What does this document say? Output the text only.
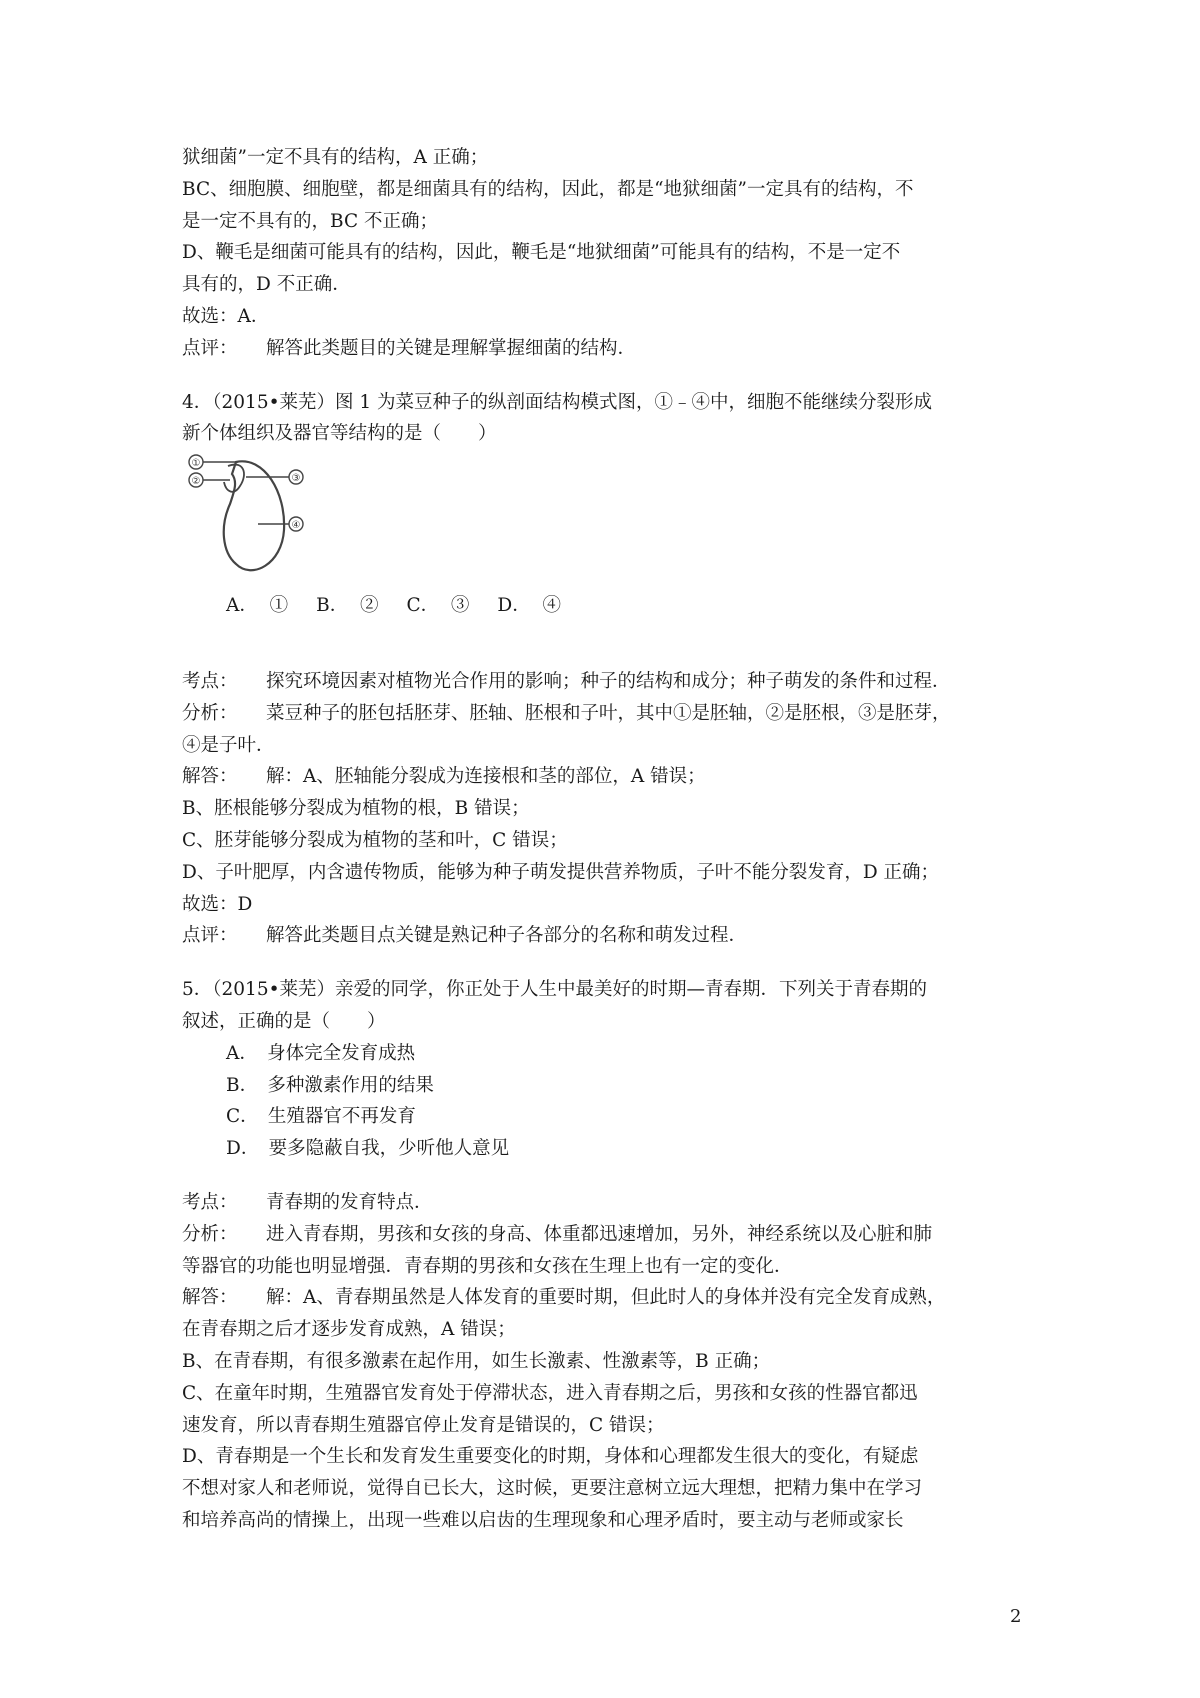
狱细菌”一定不具有的结构，A 正确；
BC、细胞膜、细胞壁，都是细菌具有的结构，因此，都是“地狱细菌”一定具有的结构，不
是一定不具有的，BC 不正确；
D、鞭毛是细菌可能具有的结构，因此，鞭毛是“地狱细菌”可能具有的结构，不是一定不
具有的，D 不正确．
故选：A．
点评： 解答此类题目的关键是理解掌握细菌的结构．
4．（2015•莱芜）图 1 为菜豆种子的纵剖面结构模式图，①﹣④中，细胞不能继续分裂形成
新个体组织及器官等结构的是（　　）
①
②	③
④
A．  ① B．  ② C．  ③ D．  ④
考点： 探究环境因素对植物光合作用的影响；种子的结构和成分；种子萌发的条件和过程．
分析： 菜豆种子的胚包括胚芽、胚轴、胚根和子叶，其中①是胚轴，②是胚根，③是胚芽，
④是子叶．
解答： 解：A、胚轴能分裂成为连接根和茎的部位，A 错误；
B、胚根能够分裂成为植物的根，B 错误；
C、胚芽能够分裂成为植物的茎和叶，C 错误；
D、子叶肥厚，内含遗传物质，能够为种子萌发提供营养物质，子叶不能分裂发育，D 正确；
故选：D
点评： 解答此类题目点关键是熟记种子各部分的名称和萌发过程．
5．（2015•莱芜）亲爱的同学，你正处于人生中最美好的时期—青春期．下列关于青春期的
叙述，正确的是（　　）
A．　身体完全发育成热
B．　多种激素作用的结果
C．　生殖器官不再发育
D．　要多隐蔽自我，少听他人意见
考点： 青春期的发育特点．
分析： 进入青春期，男孩和女孩的身高、体重都迅速增加，另外，神经系统以及心脏和肺
等器官的功能也明显增强．青春期的男孩和女孩在生理上也有一定的变化．
解答： 解：A、青春期虽然是人体发育的重要时期，但此时人的身体并没有完全发育成熟，
在青春期之后才逐步发育成熟，A 错误；
B、在青春期，有很多激素在起作用，如生长激素、性激素等，B 正确；
C、在童年时期，生殖器官发育处于停滞状态，进入青春期之后，男孩和女孩的性器官都迅
速发育，所以青春期生殖器官停止发育是错误的，C 错误；
D、青春期是一个生长和发育发生重要变化的时期，身体和心理都发生很大的变化，有疑虑
不想对家人和老师说，觉得自已长大，这时候，更要注意树立远大理想，把精力集中在学习
和培养高尚的情操上，出现一些难以启齿的生理现象和心理矛盾时，要主动与老师或家长
2
